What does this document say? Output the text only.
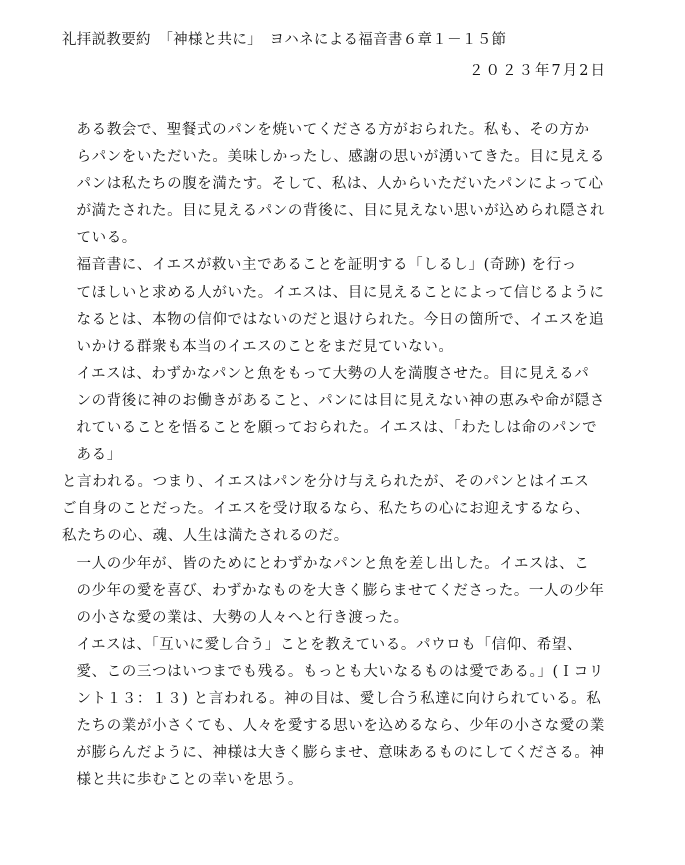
礼拝説教要約　「神様と共に」　ヨハネによる福音書６章１－１５節
２０２３年7月2日
ある教会で、聖餐式のパンを焼いてくださる方がおられた。私も、その方か
らパンをいただいた。美味しかったし、感謝の思いが湧いてきた。目に見える
パンは私たちの腹を満たす。そして、私は、人からいただいたパンによって心
が満たされた。目に見えるパンの背後に、目に見えない思いが込められ隠され
ている。
福音書に、イエスが救い主であることを証明する「しるし」(奇跡) を行っ
てほしいと求める人がいた。イエスは、目に見えることによって信じるように
なるとは、本物の信仰ではないのだと退けられた。今日の箇所で、イエスを追
いかける群衆も本当のイエスのことをまだ見ていない。
イエスは、わずかなパンと魚をもって大勢の人を満腹させた。目に見えるパ
ンの背後に神のお働きがあること、パンには目に見えない神の恵みや命が隠さ
れていることを悟ることを願っておられた。イエスは、「わたしは命のパンで
ある」
と言われる。つまり、イエスはパンを分け与えられたが、そのパンとはイエス
ご自身のことだった。イエスを受け取るなら、私たちの心にお迎えするなら、
私たちの心、魂、人生は満たされるのだ。
一人の少年が、皆のためにとわずかなパンと魚を差し出した。イエスは、こ
の少年の愛を喜び、わずかなものを大きく膨らませてくださった。一人の少年
の小さな愛の業は、大勢の人々へと行き渡った。
イエスは、「互いに愛し合う」ことを教えている。パウロも「信仰、希望、
愛、この三つはいつまでも残る。もっとも大いなるものは愛である。」(Ｉコリ
ント１３：１３) と言われる。神の目は、愛し合う私達に向けられている。私
たちの業が小さくても、人々を愛する思いを込めるなら、少年の小さな愛の業
が膨らんだように、神様は大きく膨らませ、意味あるものにしてくださる。神
様と共に歩むことの幸いを思う。
